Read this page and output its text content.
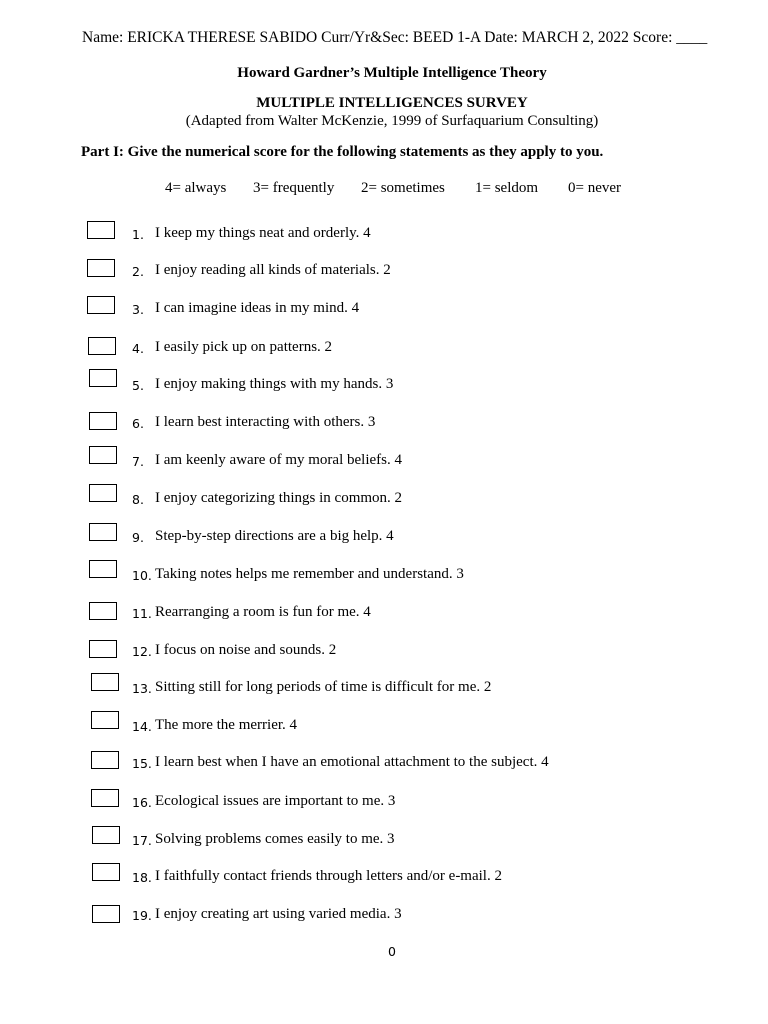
Name: ERICKA THERESE SABIDO Curr/Yr&Sec: BEED 1-A Date: MARCH 2, 2022 Score: ____
Howard Gardner’s Multiple Intelligence Theory
MULTIPLE INTELLIGENCES SURVEY
(Adapted from Walter McKenzie, 1999 of Surfaquarium Consulting)
Part I: Give the numerical score for the following statements as they apply to you.
4= always 3= frequently 2= sometimes 1= seldom 0= never
1. I keep my things neat and orderly. 4
2. I enjoy reading all kinds of materials. 2
3. I can imagine ideas in my mind. 4
4. I easily pick up on patterns. 2
5. I enjoy making things with my hands. 3
6. I learn best interacting with others. 3
7. I am keenly aware of my moral beliefs. 4
8. I enjoy categorizing things in common. 2
9. Step-by-step directions are a big help. 4
10. Taking notes helps me remember and understand. 3
11. Rearranging a room is fun for me. 4
12. I focus on noise and sounds. 2
13. Sitting still for long periods of time is difficult for me. 2
14. The more the merrier. 4
15. I learn best when I have an emotional attachment to the subject. 4
16. Ecological issues are important to me. 3
17. Solving problems comes easily to me. 3
18. I faithfully contact friends through letters and/or e-mail. 2
19. I enjoy creating art using varied media. 3
0
